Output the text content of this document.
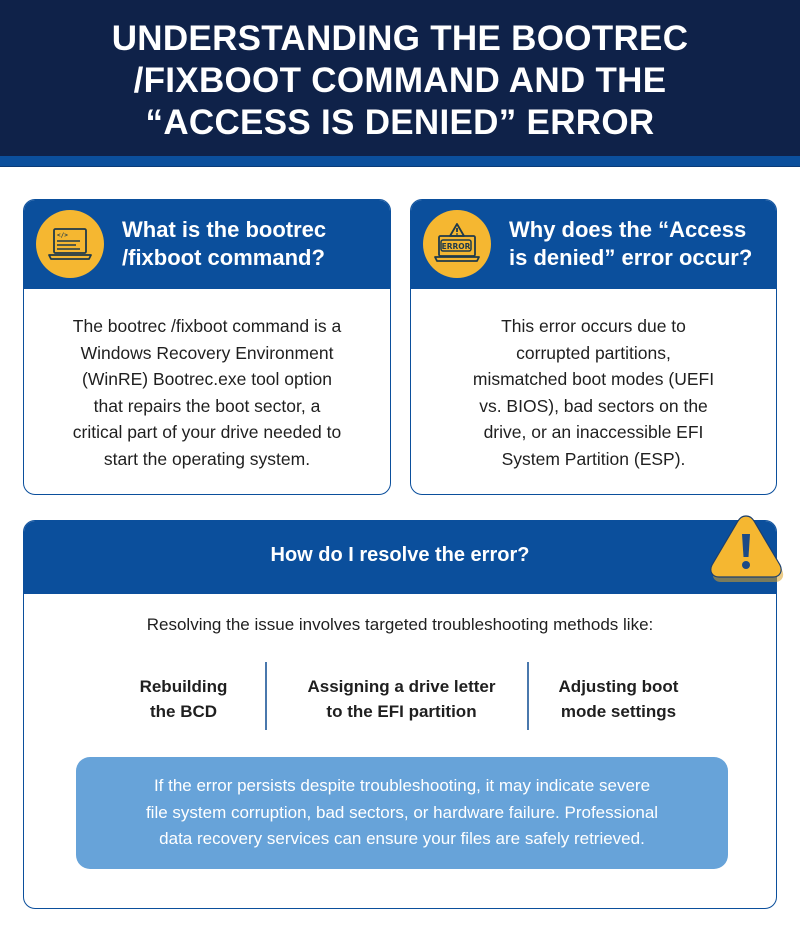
UNDERSTANDING THE BOOTREC
/FIXBOOT COMMAND AND THE
“ACCESS IS DENIED” ERROR
</> What is the bootrec
/fixboot command?
The bootrec /fixboot command is a
Windows Recovery Environment
(WinRE) Bootrec.exe tool option
that repairs the boot sector, a
critical part of your drive needed to
start the operating system.
ERROR
Why does the “Access
is denied” error occur?
This error occurs due to
corrupted partitions,
mismatched boot modes (UEFI
vs. BIOS), bad sectors on the
drive, or an inaccessible EFI
System Partition (ESP).
How do I resolve the error?
Resolving the issue involves targeted troubleshooting methods like:
Rebuilding
the BCD
Assigning a drive letter
to the EFI partition
Adjusting boot
mode settings
If the error persists despite troubleshooting, it may indicate severe
file system corruption, bad sectors, or hardware failure. Professional
data recovery services can ensure your files are safely retrieved.
